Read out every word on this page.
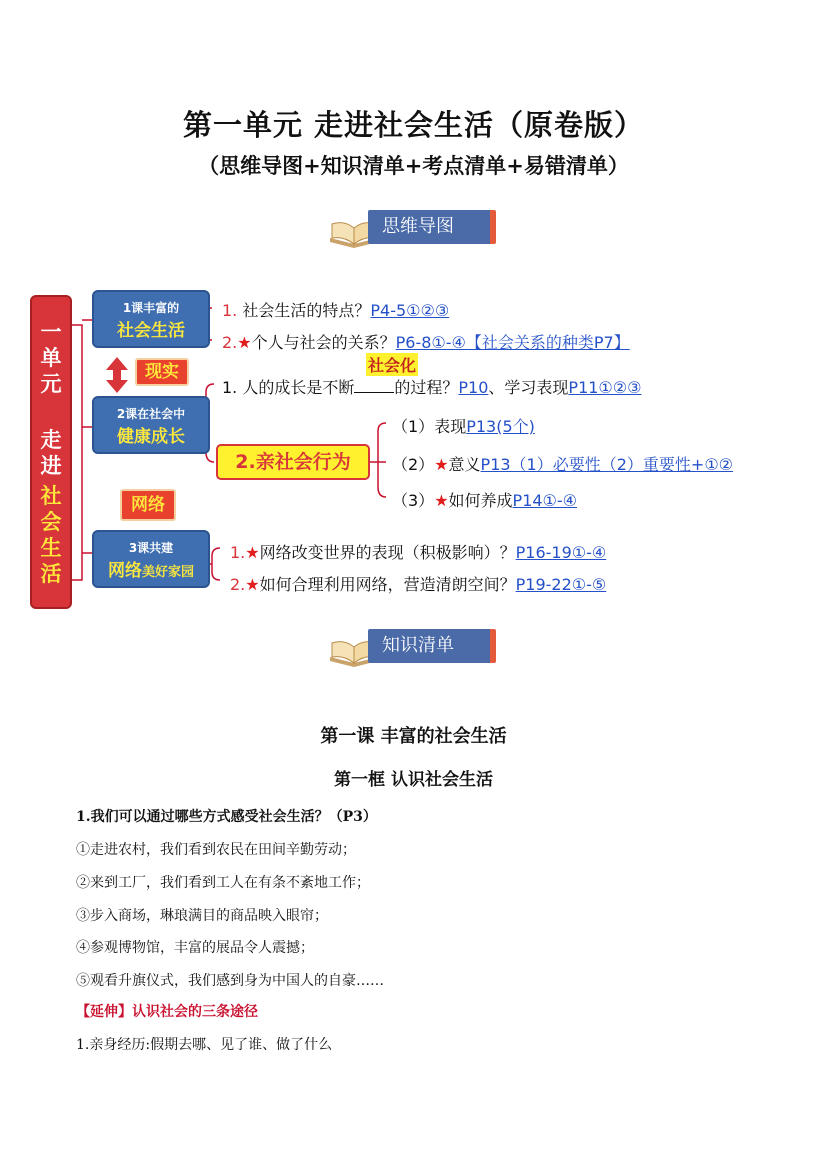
第一单元 走进社会生活（原卷版）
（思维导图+知识清单+考点清单+易错清单）
思维导图
一
单
元
走
进
社
会
生
活
1课丰富的
社会生活
2课在社会中
健康成长
3课共建
网络美好家园
现实
网络
1. 社会生活的特点？P4-5①②③
2.★个人与社会的关系？P6-8①-④【社会关系的种类P7】
1. 人的成长是不断	的过程？P10、学习表现P11①②③
社会化
2.亲社会行为
（1）表现P13(5个)
（2）★意义P13（1）必要性（2）重要性+①②
（3）★如何养成P14①-④
1.★网络改变世界的表现（积极影响）？P16-19①-④
2.★如何合理利用网络，营造清朗空间？P19-22①-⑤
知识清单
第一课 丰富的社会生活
第一框 认识社会生活
1.我们可以通过哪些方式感受社会生活？（P3）
①走进农村，我们看到农民在田间辛勤劳动；
②来到工厂，我们看到工人在有条不紊地工作；
③步入商场，琳琅满目的商品映入眼帘；
④参观博物馆，丰富的展品令人震撼；
⑤观看升旗仪式，我们感到身为中国人的自豪……
【延伸】认识社会的三条途径
1.亲身经历:假期去哪、见了谁、做了什么
